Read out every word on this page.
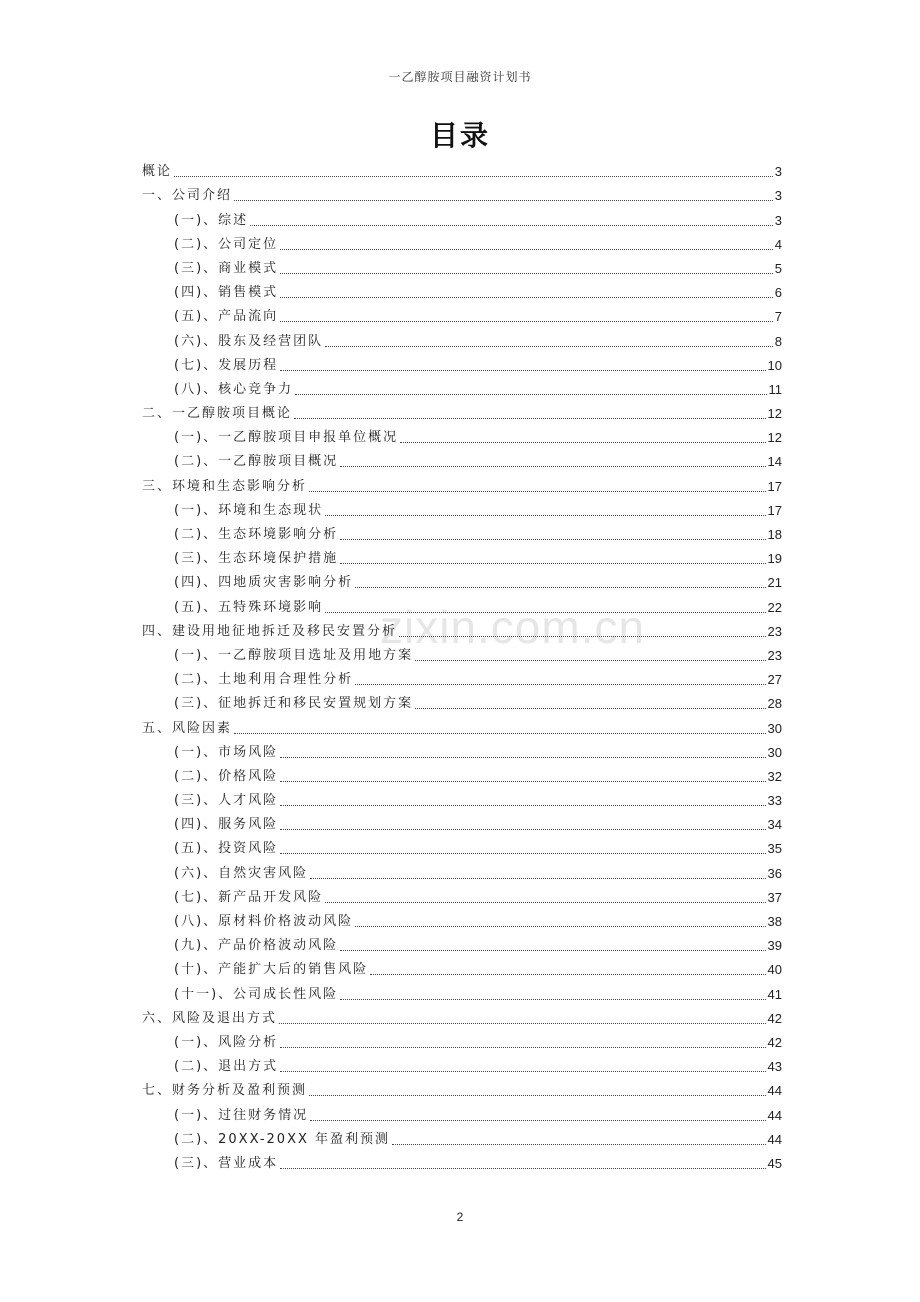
一乙醇胺项目融资计划书
目录
zixin.com.cn
概论	3
一、公司介绍	3
(一)、综述	3
(二)、公司定位	4
(三)、商业模式	5
(四)、销售模式	6
(五)、产品流向	7
(六)、股东及经营团队	8
(七)、发展历程	10
(八)、核心竞争力	11
二、一乙醇胺项目概论	12
(一)、一乙醇胺项目申报单位概况	12
(二)、一乙醇胺项目概况	14
三、环境和生态影响分析	17
(一)、环境和生态现状	17
(二)、生态环境影响分析	18
(三)、生态环境保护措施	19
(四)、四地质灾害影响分析	21
(五)、五特殊环境影响	22
四、建设用地征地拆迁及移民安置分析	23
(一)、一乙醇胺项目选址及用地方案	23
(二)、土地利用合理性分析	27
(三)、征地拆迁和移民安置规划方案	28
五、风险因素	30
(一)、市场风险	30
(二)、价格风险	32
(三)、人才风险	33
(四)、服务风险	34
(五)、投资风险	35
(六)、自然灾害风险	36
(七)、新产品开发风险	37
(八)、原材料价格波动风险	38
(九)、产品价格波动风险	39
(十)、产能扩大后的销售风险	40
(十一)、公司成长性风险	41
六、风险及退出方式	42
(一)、风险分析	42
(二)、退出方式	43
七、财务分析及盈利预测	44
(一)、过往财务情况	44
(二)、20XX-20XX 年盈利预测	44
(三)、营业成本	45
2
